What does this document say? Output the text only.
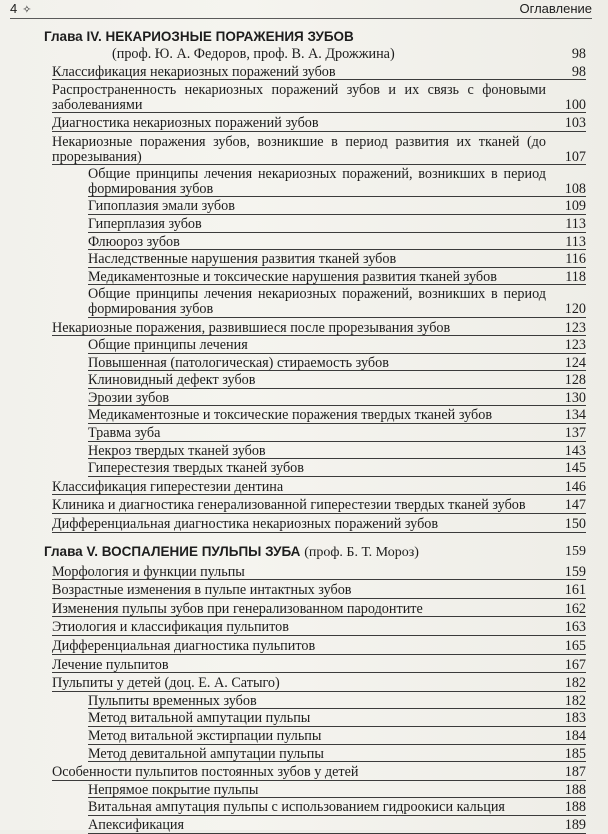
4 ✧	Оглавление
Глава IV. НЕКАРИОЗНЫЕ ПОРАЖЕНИЯ ЗУБОВ
(проф. Ю. А. Федоров, проф. В. А. Дрожжина)	98
Классификация некариозных поражений зубов	98
Распространенность некариозных поражений зубов и их связь с фоновыми заболеваниями	100
Диагностика некариозных поражений зубов	103
Некариозные поражения зубов, возникшие в период развития их тканей (до прорезывания)	107
Общие принципы лечения некариозных поражений, возникших в период формирования зубов	108
Гипоплазия эмали зубов	109
Гиперплазия зубов	113
Флюороз зубов	113
Наследственные нарушения развития тканей зубов	116
Медикаментозные и токсические нарушения развития тканей зубов	118
Общие принципы лечения некариозных поражений, возникших в период формирования зубов	120
Некариозные поражения, развившиеся после прорезывания зубов	123
Общие принципы лечения	123
Повышенная (патологическая) стираемость зубов	124
Клиновидный дефект зубов	128
Эрозии зубов	130
Медикаментозные и токсические поражения твердых тканей зубов	134
Травма зуба	137
Некроз твердых тканей зубов	143
Гиперестезия твердых тканей зубов	145
Классификация гиперестезии дентина	146
Клиника и диагностика генерализованной гиперестезии твердых тканей зубов	147
Дифференциальная диагностика некариозных поражений зубов	150
Глава V. ВОСПАЛЕНИЕ ПУЛЬПЫ ЗУБА (проф. Б. Т. Мороз)	159
Морфология и функции пульпы	159
Возрастные изменения в пульпе интактных зубов	161
Изменения пульпы зубов при генерализованном пародонтите	162
Этиология и классификация пульпитов	163
Дифференциальная диагностика пульпитов	165
Лечение пульпитов	167
Пульпиты у детей (доц. Е. А. Сатыго)	182
Пульпиты временных зубов	182
Метод витальной ампутации пульпы	183
Метод витальной экстирпации пульпы	184
Метод девитальной ампутации пульпы	185
Особенности пульпитов постоянных зубов у детей	187
Непрямое покрытие пульпы	188
Витальная ампутация пульпы с использованием гидроокиси кальция	188
Апексификация	189
